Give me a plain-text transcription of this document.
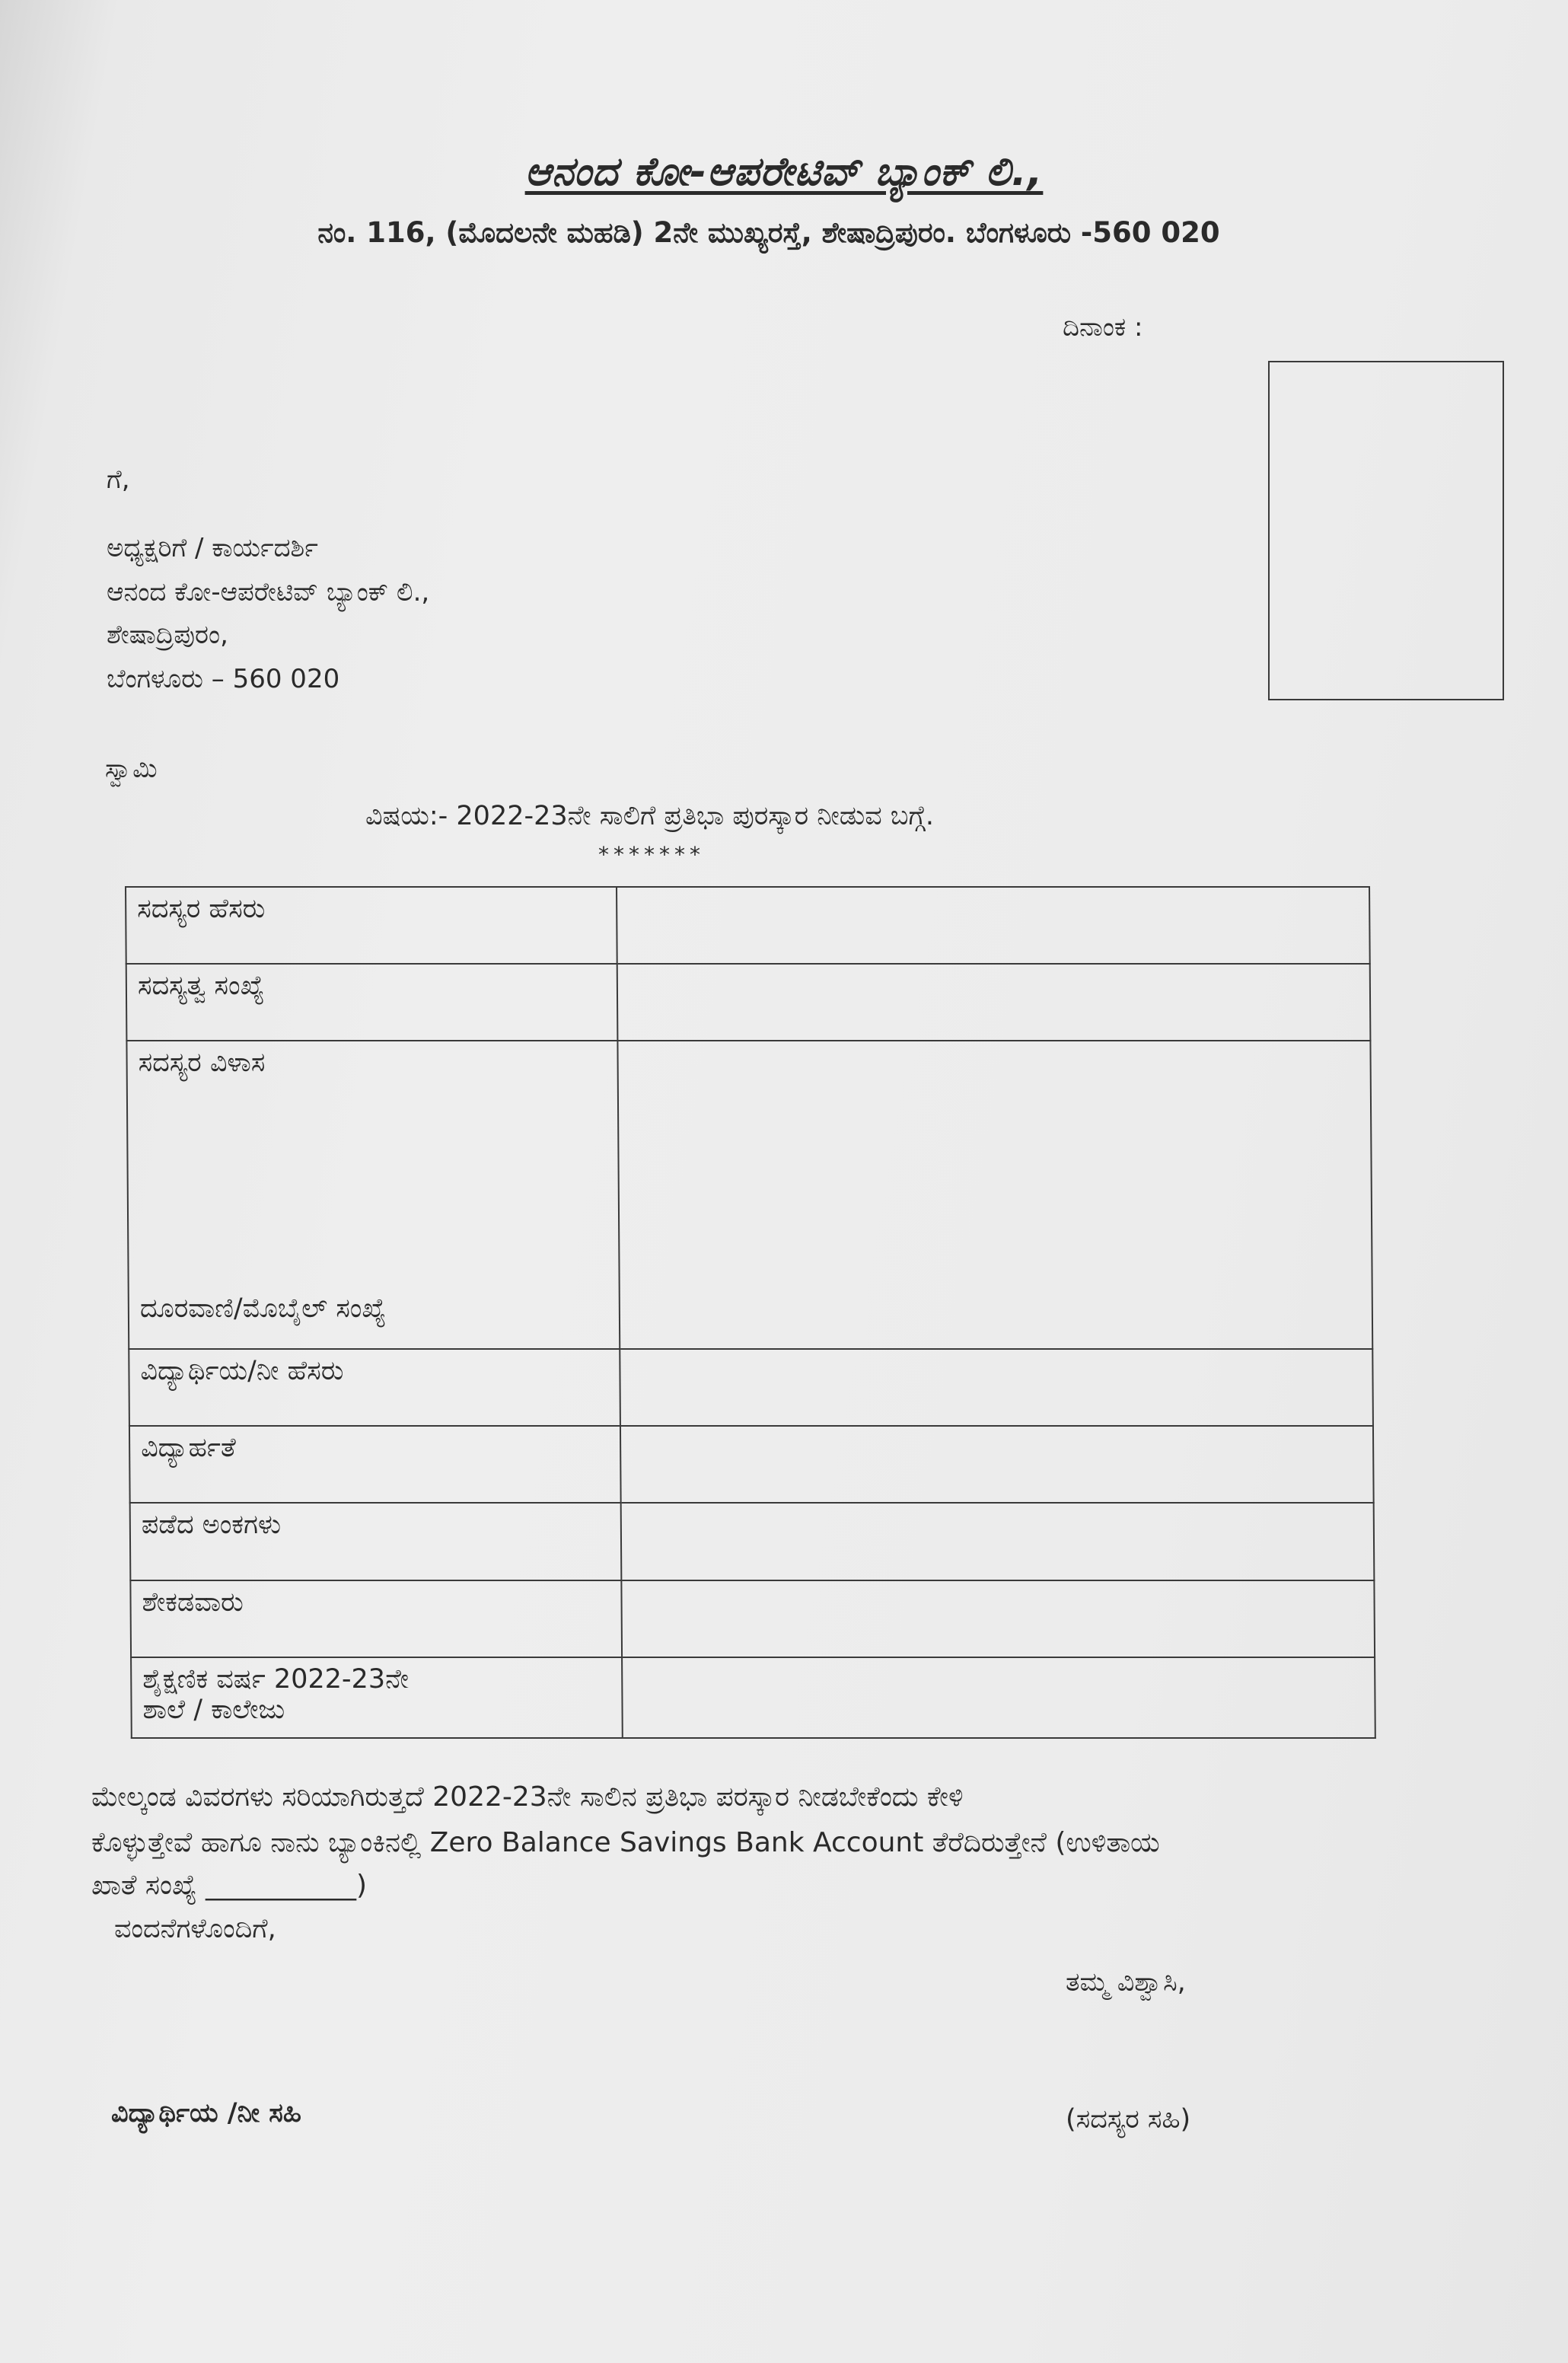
ಆನಂದ ಕೋ-ಆಪರೇಟಿವ್ ಬ್ಯಾಂಕ್ ಲಿ.,
ನಂ. 116, (ಮೊದಲನೇ ಮಹಡಿ) 2ನೇ ಮುಖ್ಯರಸ್ತೆ, ಶೇಷಾದ್ರಿಪುರಂ. ಬೆಂಗಳೂರು -560 020
ದಿನಾಂಕ :
ಗೆ,
ಅಧ್ಯಕ್ಷರಿಗೆ / ಕಾರ್ಯದರ್ಶಿ
ಆನಂದ ಕೋ-ಆಪರೇಟಿವ್ ಬ್ಯಾಂಕ್ ಲಿ.,
ಶೇಷಾದ್ರಿಪುರಂ,
ಬೆಂಗಳೂರು – 560 020
ಸ್ವಾಮಿ
ವಿಷಯ:- 2022-23ನೇ ಸಾಲಿಗೆ ಪ್ರತಿಭಾ ಪುರಸ್ಕಾರ ನೀಡುವ ಬಗ್ಗೆ.
*******
ಸದಸ್ಯರ ಹೆಸರು	
ಸದಸ್ಯತ್ವ ಸಂಖ್ಯೆ	

ಸದಸ್ಯರ ವಿಳಾಸ
ದೂರವಾಣಿ/ಮೊಬೈಲ್ ಸಂಖ್ಯೆ	

ವಿದ್ಯಾರ್ಥಿಯ/ನೀ ಹೆಸರು	
ವಿದ್ಯಾರ್ಹತೆ	
ಪಡೆದ ಅಂಕಗಳು	
ಶೇಕಡವಾರು	

ಶೈಕ್ಷಣಿಕ ವರ್ಷ 2022-23ನೇ
ಶಾಲೆ / ಕಾಲೇಜು	

ಮೇಲ್ಕಂಡ ವಿವರಗಳು ಸರಿಯಾಗಿರುತ್ತದೆ 2022-23ನೇ ಸಾಲಿನ ಪ್ರತಿಭಾ ಪರಸ್ಕಾರ ನೀಡಬೇಕೆಂದು ಕೇಳಿ
ಕೊಳ್ಳುತ್ತೇವೆ ಹಾಗೂ ನಾನು ಬ್ಯಾಂಕಿನಲ್ಲಿ Zero Balance Savings Bank Account ತೆರೆದಿರುತ್ತೇನೆ (ಉಳಿತಾಯ
ಖಾತೆ ಸಂಖ್ಯೆ ___________)
ವಂದನೆಗಳೊಂದಿಗೆ,
ತಮ್ಮ ವಿಶ್ವಾಸಿ,
ವಿದ್ಯಾರ್ಥಿಯ /ನೀ ಸಹಿ	(ಸದಸ್ಯರ ಸಹಿ)
